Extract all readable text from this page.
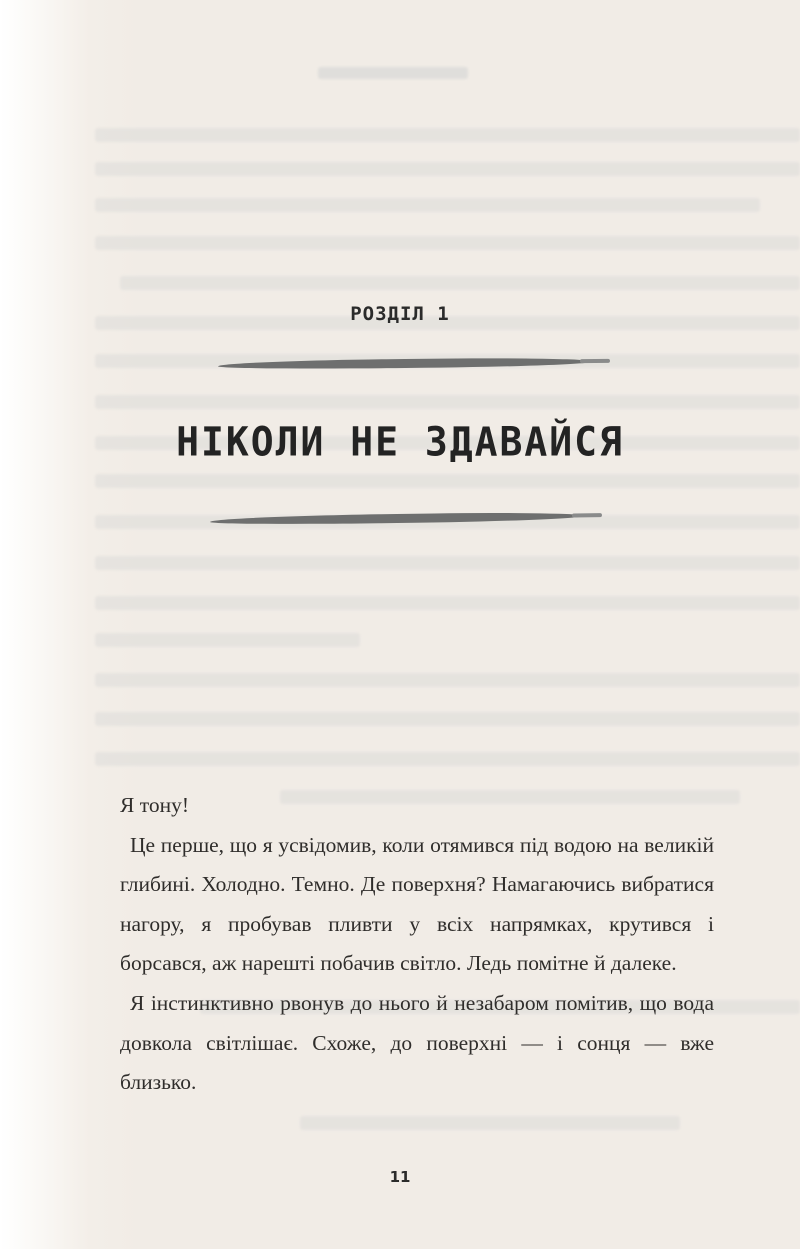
РОЗДІЛ 1
НІКОЛИ НЕ ЗДАВАЙСЯ

Я тону!

Це перше, що я усвідомив, коли отямився під водою на великій глибині. Холодно. Темно. Де поверхня? Намагаючись вибратися нагору, я пробував пливти у всіх напрямках, крутився і борсався, аж нарешті побачив світло. Ледь помітне й далеке.

Я інстинктивно рвонув до нього й незабаром помітив, що вода довкола світлішає. Схоже, до поверхні — і сонця — вже близько.

11
